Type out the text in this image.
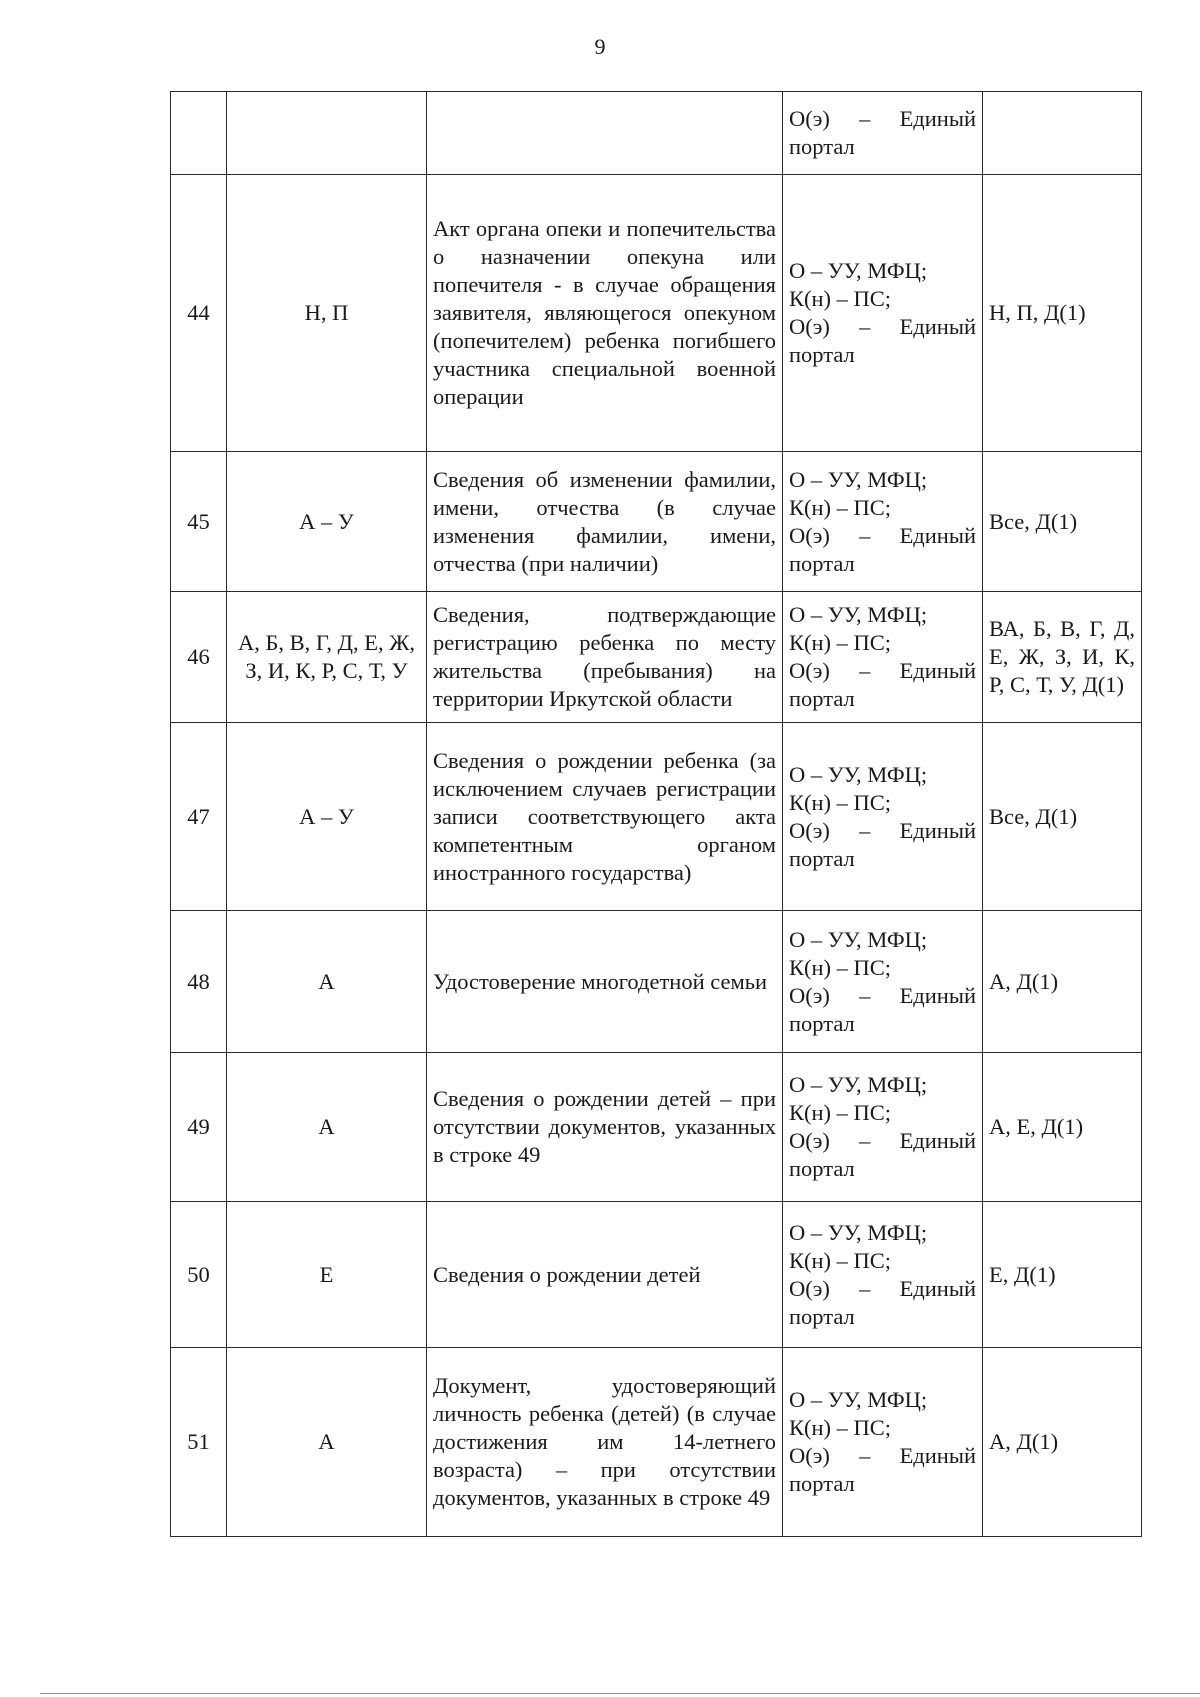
9
			О(э) – Единый портал	
44	Н, П	Акт органа опеки и попечительства о назначении опекуна или попечителя - в случае обращения заявителя, являющегося опекуном (попечителем) ребенка погибшего участника специальной военной операции	О – УУ, МФЦ;
К(н) – ПС;
О(э) – Единый портал	Н, П, Д(1)
45	А – У	Сведения об изменении фамилии, имени, отчества (в случае изменения фамилии, имени, отчества (при наличии)	О – УУ, МФЦ;
К(н) – ПС;
О(э) – Единый портал	Все, Д(1)
46	А, Б, В, Г, Д, Е, Ж, З, И, К, Р, С, Т, У	Сведения, подтверждающие регистрацию ребенка по месту жительства (пребывания) на территории Иркутской области	О – УУ, МФЦ;
К(н) – ПС;
О(э) – Единый портал	ВА, Б, В, Г, Д, Е, Ж, З, И, К, Р, С, Т, У, Д(1)
47	А – У	Сведения о рождении ребенка (за исключением случаев регистрации записи соответствующего акта компетентным органом иностранного государства)	О – УУ, МФЦ;
К(н) – ПС;
О(э) – Единый портал	Все, Д(1)
48	А	Удостоверение многодетной семьи	О – УУ, МФЦ;
К(н) – ПС;
О(э) – Единый портал	А, Д(1)
49	А	Сведения о рождении детей – при отсутствии документов, указанных в строке 49	О – УУ, МФЦ;
К(н) – ПС;
О(э) – Единый портал	А, Е, Д(1)
50	Е	Сведения о рождении детей	О – УУ, МФЦ;
К(н) – ПС;
О(э) – Единый портал	Е, Д(1)
51	А	Документ, удостоверяющий личность ребенка (детей) (в случае достижения им 14-летнего возраста) – при отсутствии документов, указанных в строке 49	О – УУ, МФЦ;
К(н) – ПС;
О(э) – Единый портал	А, Д(1)
